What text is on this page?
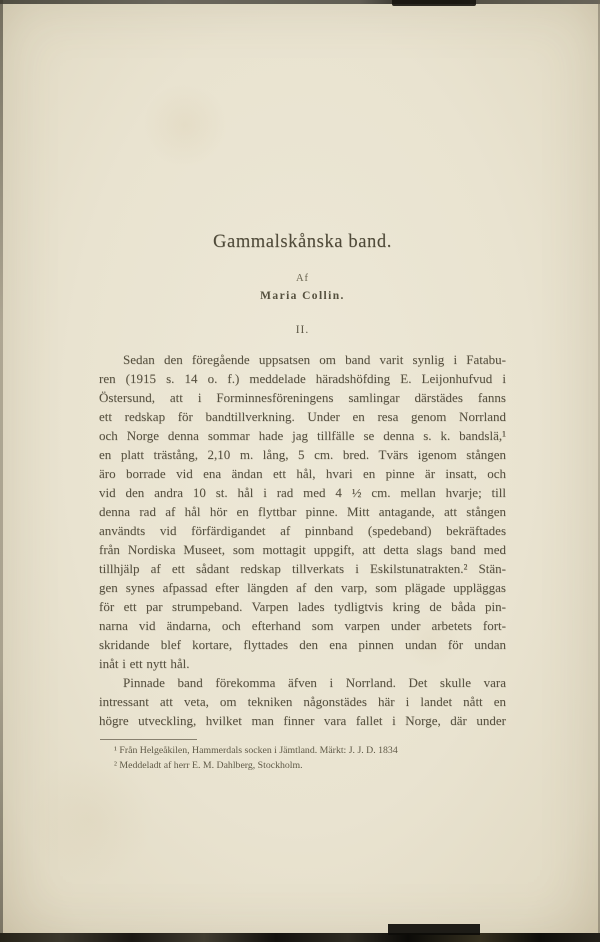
Gammalskånska band.
Af
Maria Collin.
II.
Sedan den föregående uppsatsen om band varit synlig i Fatabu-
ren (1915 s. 14 o. f.) meddelade häradshöfding E. Leijonhufvud i
Östersund, att i Forminnesföreningens samlingar därstädes fanns
ett redskap för bandtillverkning. Under en resa genom Norrland
och Norge denna sommar hade jag tillfälle se denna s. k. bandslä,¹
en platt trästång, 2,10 m. lång, 5 cm. bred. Tvärs igenom stången
äro borrade vid ena ändan ett hål, hvari en pinne är insatt, och
vid den andra 10 st. hål i rad med 4 ½ cm. mellan hvarje; till
denna rad af hål hör en flyttbar pinne. Mitt antagande, att stången
användts vid förfärdigandet af pinnband (spedeband) bekräftades
från Nordiska Museet, som mottagit uppgift, att detta slags band med
tillhjälp af ett sådant redskap tillverkats i Eskilstunatrakten.² Stän-
gen synes afpassad efter längden af den varp, som plägade uppläggas
för ett par strumpeband. Varpen lades tydligtvis kring de båda pin-
narna vid ändarna, och efterhand som varpen under arbetets fort-
skridande blef kortare, flyttades den ena pinnen undan för undan
inåt i ett nytt hål.
Pinnade band förekomma äfven i Norrland. Det skulle vara
intressant att veta, om tekniken någonstädes här i landet nått en
högre utveckling, hvilket man finner vara fallet i Norge, där under
¹ Från Helgeåkilen, Hammerdals socken i Jämtland. Märkt: J. J. D. 1834
² Meddeladt af herr E. M. Dahlberg, Stockholm.
